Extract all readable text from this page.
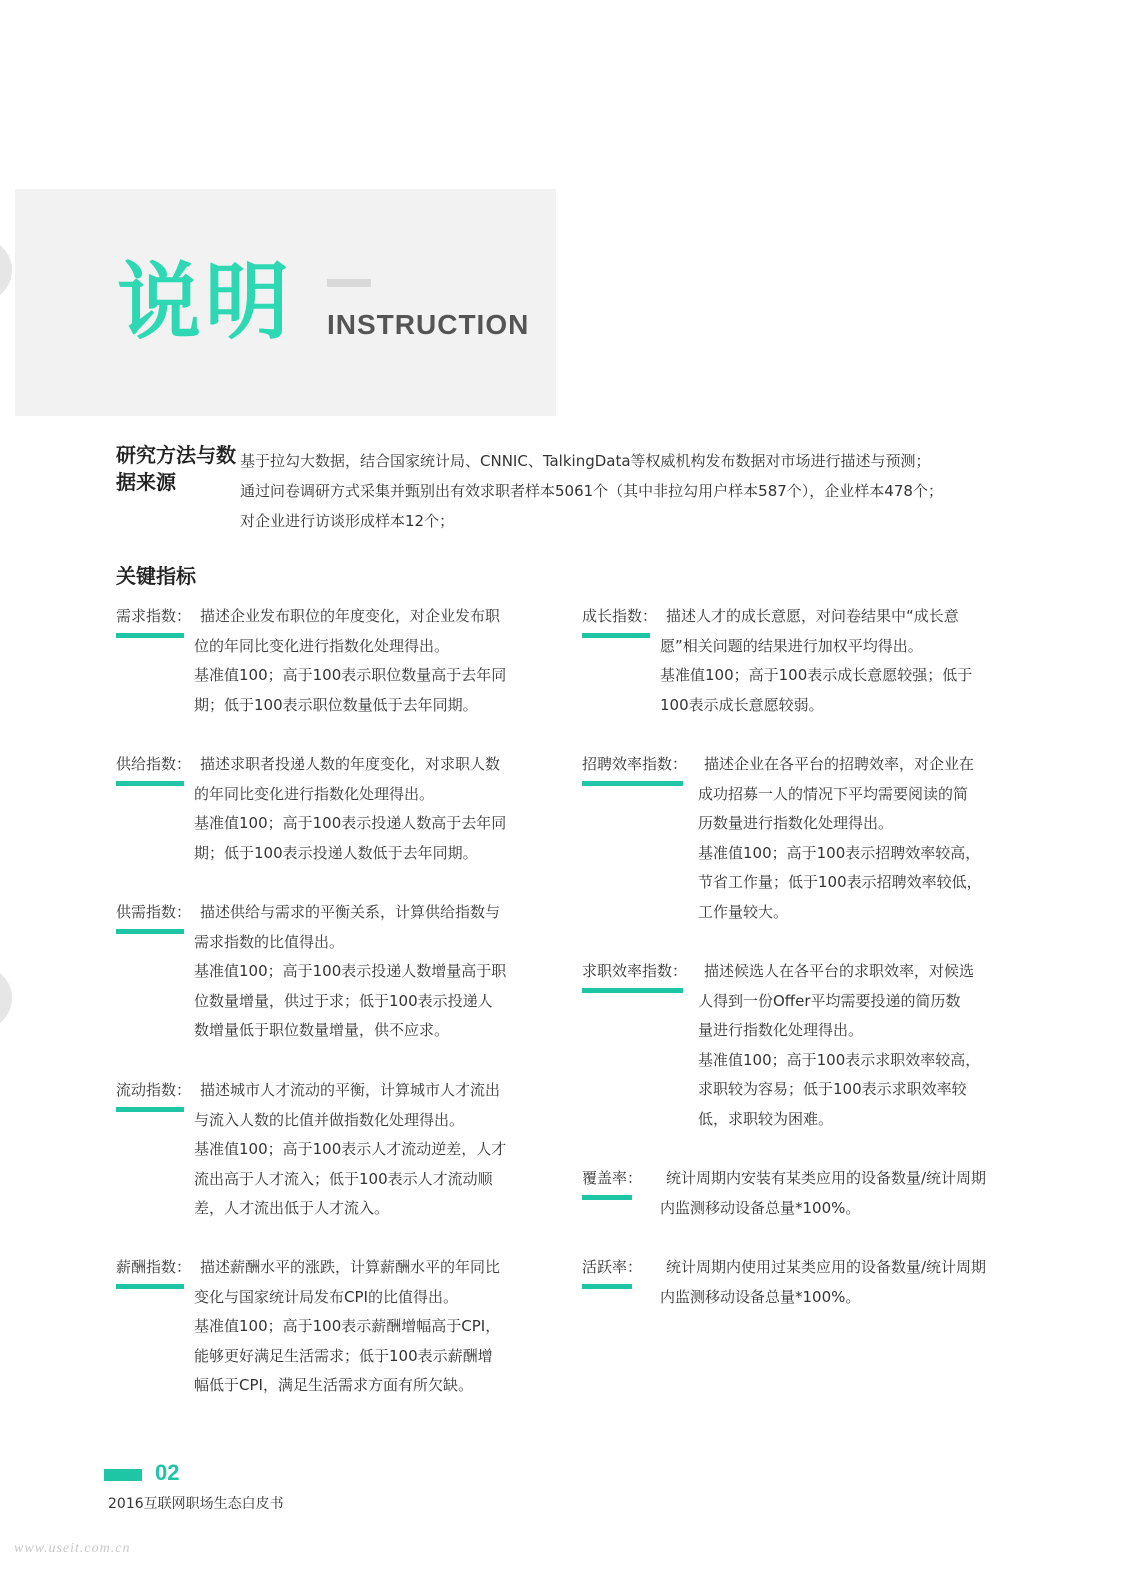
说明 INSTRUCTION
研究方法与数据来源
基于拉勾大数据，结合国家统计局、CNNIC、TalkingData等权威机构发布数据对市场进行描述与预测；
通过问卷调研方式采集并甄别出有效求职者样本5061个（其中非拉勾用户样本587个），企业样本478个；
对企业进行访谈形成样本12个；
关键指标
需求指数： 描述企业发布职位的年度变化，对企业发布职
位的年同比变化进行指数化处理得出。
基准值100；高于100表示职位数量高于去年同
期；低于100表示职位数量低于去年同期。
供给指数： 描述求职者投递人数的年度变化，对求职人数
的年同比变化进行指数化处理得出。
基准值100；高于100表示投递人数高于去年同
期；低于100表示投递人数低于去年同期。
供需指数： 描述供给与需求的平衡关系，计算供给指数与
需求指数的比值得出。
基准值100；高于100表示投递人数增量高于职
位数量增量，供过于求；低于100表示投递人
数增量低于职位数量增量，供不应求。
流动指数： 描述城市人才流动的平衡，计算城市人才流出
与流入人数的比值并做指数化处理得出。
基准值100；高于100表示人才流动逆差，人才
流出高于人才流入；低于100表示人才流动顺
差，人才流出低于人才流入。
薪酬指数： 描述薪酬水平的涨跌，计算薪酬水平的年同比
变化与国家统计局发布CPI的比值得出。
基准值100；高于100表示薪酬增幅高于CPI，
能够更好满足生活需求；低于100表示薪酬增
幅低于CPI，满足生活需求方面有所欠缺。
成长指数： 描述人才的成长意愿，对问卷结果中“成长意
愿”相关问题的结果进行加权平均得出。
基准值100；高于100表示成长意愿较强；低于
100表示成长意愿较弱。
招聘效率指数： 描述企业在各平台的招聘效率，对企业在
成功招募一人的情况下平均需要阅读的简
历数量进行指数化处理得出。
基准值100；高于100表示招聘效率较高，
节省工作量；低于100表示招聘效率较低，
工作量较大。
求职效率指数： 描述候选人在各平台的求职效率，对候选
人得到一份Offer平均需要投递的简历数
量进行指数化处理得出。
基准值100；高于100表示求职效率较高，
求职较为容易；低于100表示求职效率较
低，求职较为困难。
覆盖率： 统计周期内安装有某类应用的设备数量/统计周期
内监测移动设备总量*100%。
活跃率： 统计周期内使用过某类应用的设备数量/统计周期
内监测移动设备总量*100%。
02
2016互联网职场生态白皮书
www.useit.com.cn
